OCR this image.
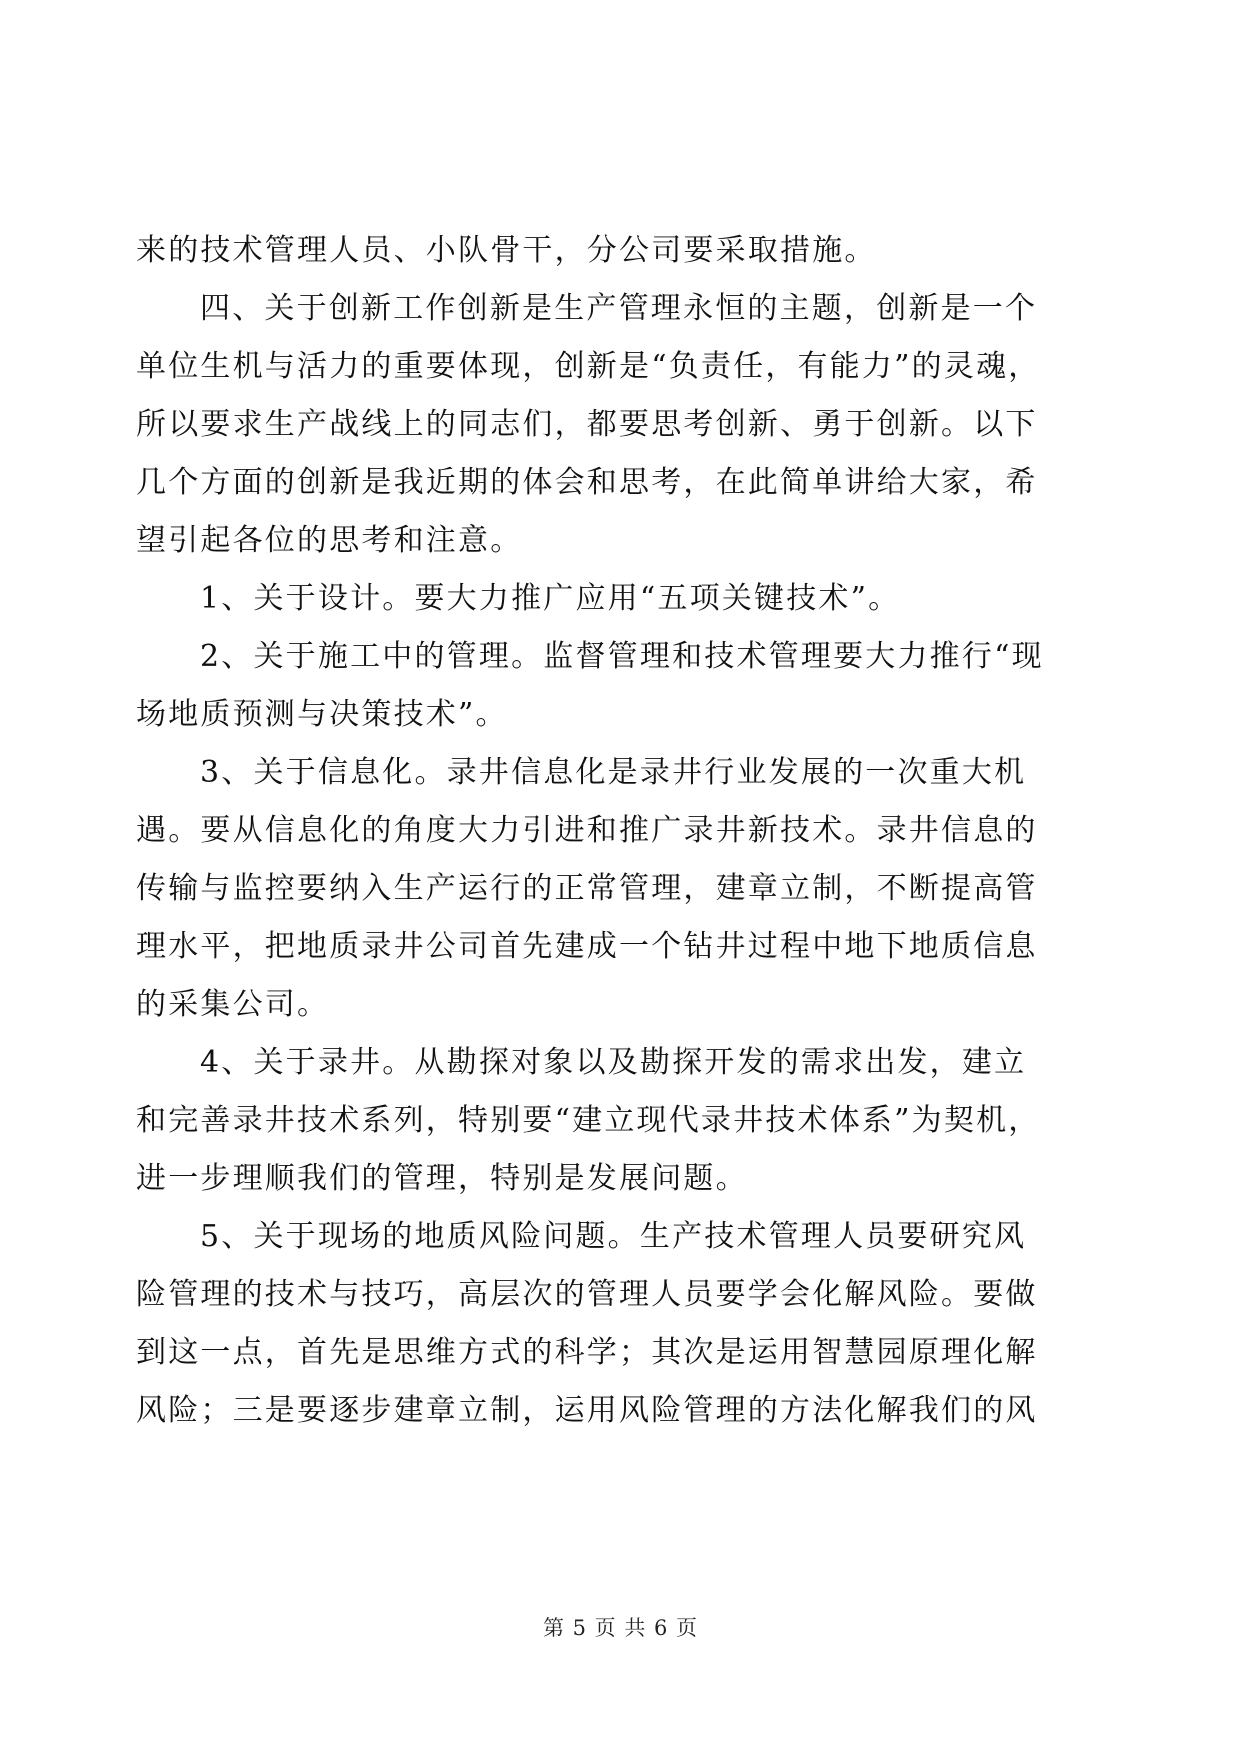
来的技术管理人员、小队骨干，分公司要采取措施。
四、关于创新工作创新是生产管理永恒的主题，创新是一个
单位生机与活力的重要体现，创新是“负责任，有能力”的灵魂，
所以要求生产战线上的同志们，都要思考创新、勇于创新。以下
几个方面的创新是我近期的体会和思考，在此简单讲给大家，希
望引起各位的思考和注意。
1、关于设计。要大力推广应用“五项关键技术”。
2、关于施工中的管理。监督管理和技术管理要大力推行“现
场地质预测与决策技术”。
3、关于信息化。录井信息化是录井行业发展的一次重大机
遇。要从信息化的角度大力引进和推广录井新技术。录井信息的
传输与监控要纳入生产运行的正常管理，建章立制，不断提高管
理水平，把地质录井公司首先建成一个钻井过程中地下地质信息
的采集公司。
4、关于录井。从勘探对象以及勘探开发的需求出发，建立
和完善录井技术系列，特别要“建立现代录井技术体系”为契机，
进一步理顺我们的管理，特别是发展问题。
5、关于现场的地质风险问题。生产技术管理人员要研究风
险管理的技术与技巧，高层次的管理人员要学会化解风险。要做
到这一点，首先是思维方式的科学；其次是运用智慧园原理化解
风险；三是要逐步建章立制，运用风险管理的方法化解我们的风
第 5 页 共 6 页
